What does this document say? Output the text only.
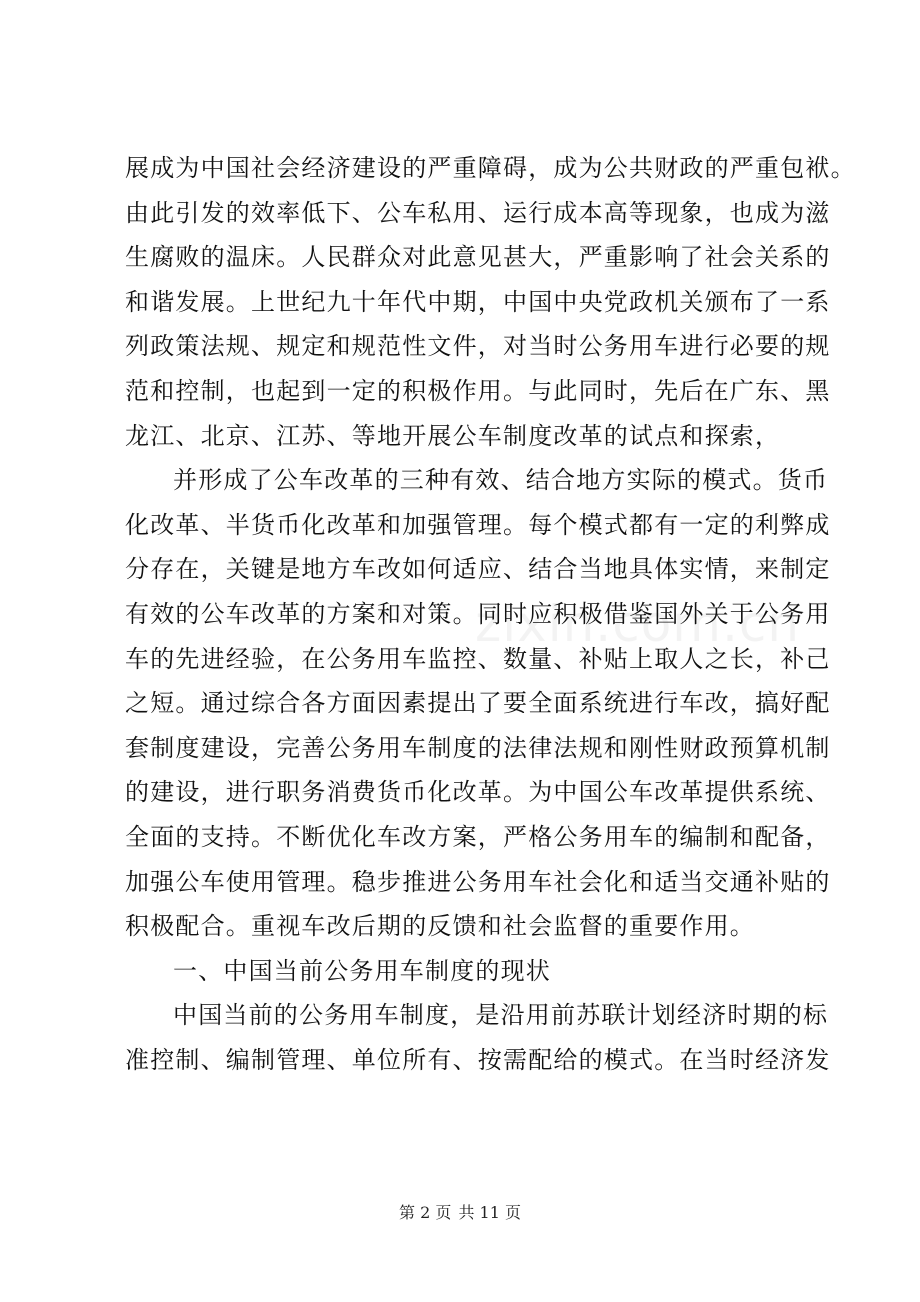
展成为中国社会经济建设的严重障碍，成为公共财政的严重包袱。
由此引发的效率低下、公车私用、运行成本高等现象，也成为滋
生腐败的温床。人民群众对此意见甚大，严重影响了社会关系的
和谐发展。上世纪九十年代中期，中国中央党政机关颁布了一系
列政策法规、规定和规范性文件，对当时公务用车进行必要的规
范和控制，也起到一定的积极作用。与此同时，先后在广东、黑
龙江、北京、江苏、等地开展公车制度改革的试点和探索，
并形成了公车改革的三种有效、结合地方实际的模式。货币
化改革、半货币化改革和加强管理。每个模式都有一定的利弊成
分存在，关键是地方车改如何适应、结合当地具体实情，来制定
有效的公车改革的方案和对策。同时应积极借鉴国外关于公务用
车的先进经验，在公务用车监控、数量、补贴上取人之长，补己
之短。通过综合各方面因素提出了要全面系统进行车改，搞好配
套制度建设，完善公务用车制度的法律法规和刚性财政预算机制
的建设，进行职务消费货币化改革。为中国公车改革提供系统、
全面的支持。不断优化车改方案，严格公务用车的编制和配备，
加强公车使用管理。稳步推进公务用车社会化和适当交通补贴的
积极配合。重视车改后期的反馈和社会监督的重要作用。
一、中国当前公务用车制度的现状
中国当前的公务用车制度，是沿用前苏联计划经济时期的标
准控制、编制管理、单位所有、按需配给的模式。在当时经济发
第 2 页 共 11 页
